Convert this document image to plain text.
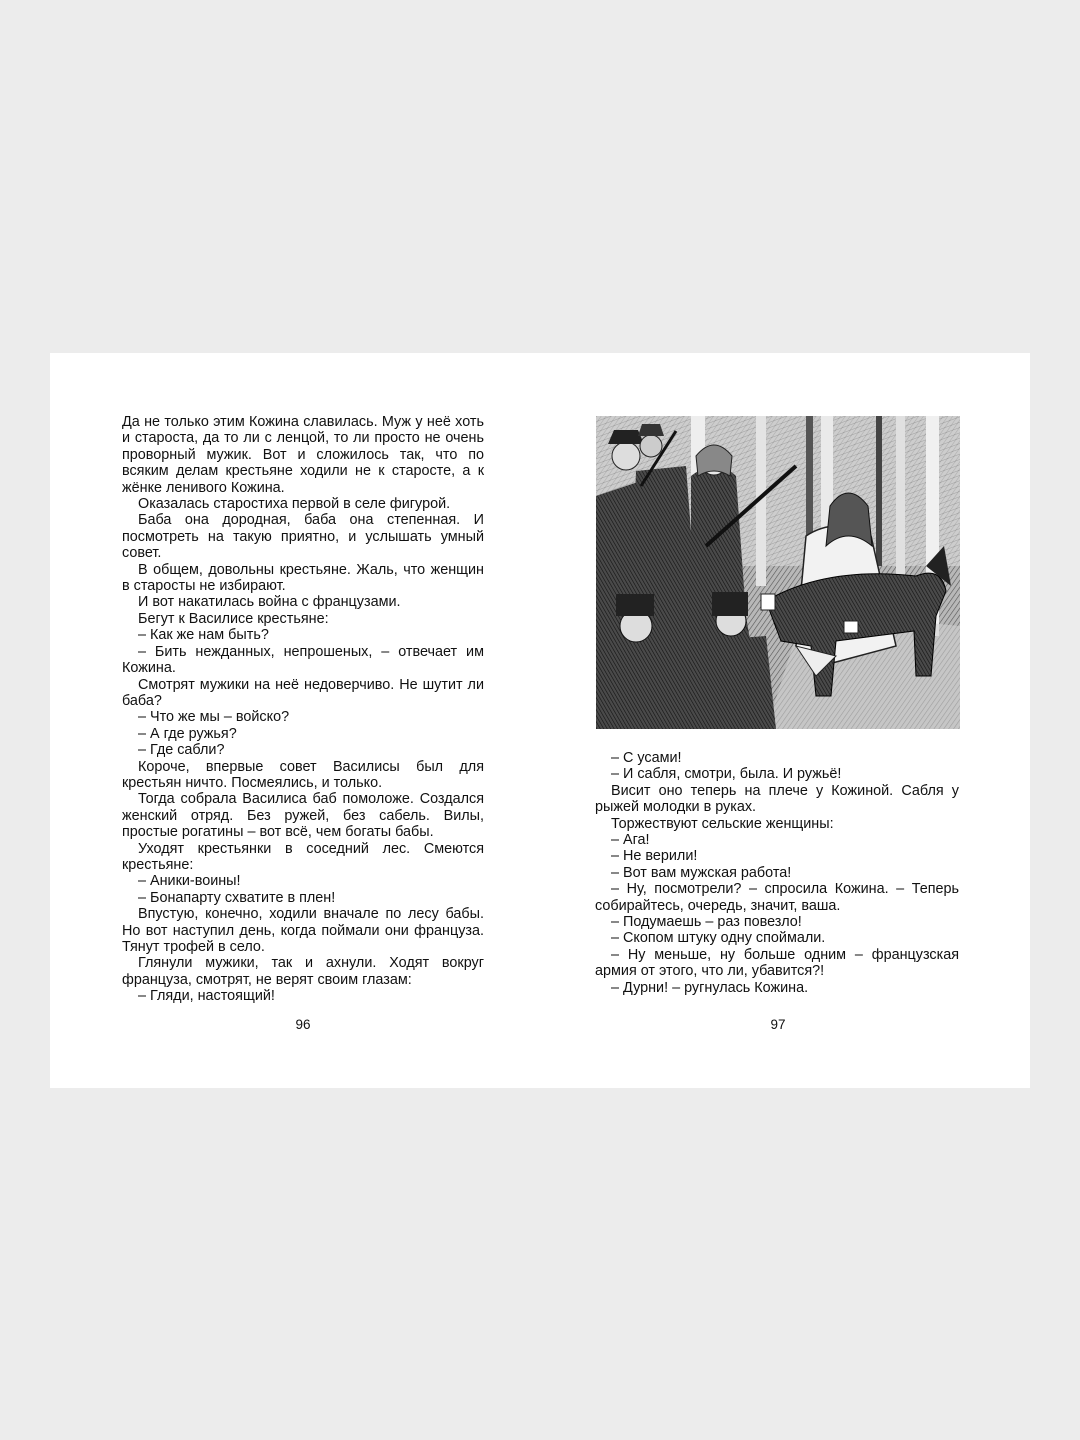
Да не только этим Кожина славилась. Муж у неё хоть и староста, да то ли с ленцой, то ли просто не очень проворный мужик. Вот и сложилось так, что по всяким делам крестьяне ходили не к старосте, а к жёнке ленивого Кожина.

Оказалась старостиха первой в селе фигурой.

Баба она дородная, баба она степенная. И посмотреть на такую приятно, и услышать умный совет.

В общем, довольны крестьяне. Жаль, что женщин в старосты не избирают.

И вот накатилась война с французами.

Бегут к Василисе крестьяне:

– Как же нам быть?

– Бить нежданных, непрошеных, – отвечает им Кожина.

Смотрят мужики на неё недоверчиво. Не шутит ли баба?

– Что же мы – войско?

– А где ружья?

– Где сабли?

Короче, впервые совет Василисы был для крестьян ничто. Посмеялись, и только.

Тогда собрала Василиса баб помоложе. Создался женский отряд. Без ружей, без сабель. Вилы, простые рогатины – вот всё, чем богаты бабы.

Уходят крестьянки в соседний лес. Смеются крестьяне:

– Аники-воины!

– Бонапарту схватите в плен!

Впустую, конечно, ходили вначале по лесу бабы. Но вот наступил день, когда поймали они француза. Тянут трофей в село.

Глянули мужики, так и ахнули. Ходят вокруг француза, смотрят, не верят своим глазам:

– Гляди, настоящий!

96

– С усами!

– И сабля, смотри, была. И ружьё!

Висит оно теперь на плече у Кожиной. Сабля у рыжей молодки в руках.

Торжествуют сельские женщины:

– Ага!

– Не верили!

– Вот вам мужская работа!

– Ну, посмотрели? – спросила Кожина. – Теперь собирайтесь, очередь, значит, ваша.

– Подумаешь – раз повезло!

– Скопом штуку одну споймали.

– Ну меньше, ну больше одним – французская армия от этого, что ли, убавится?!

– Дурни! – ругнулась Кожина.

97
